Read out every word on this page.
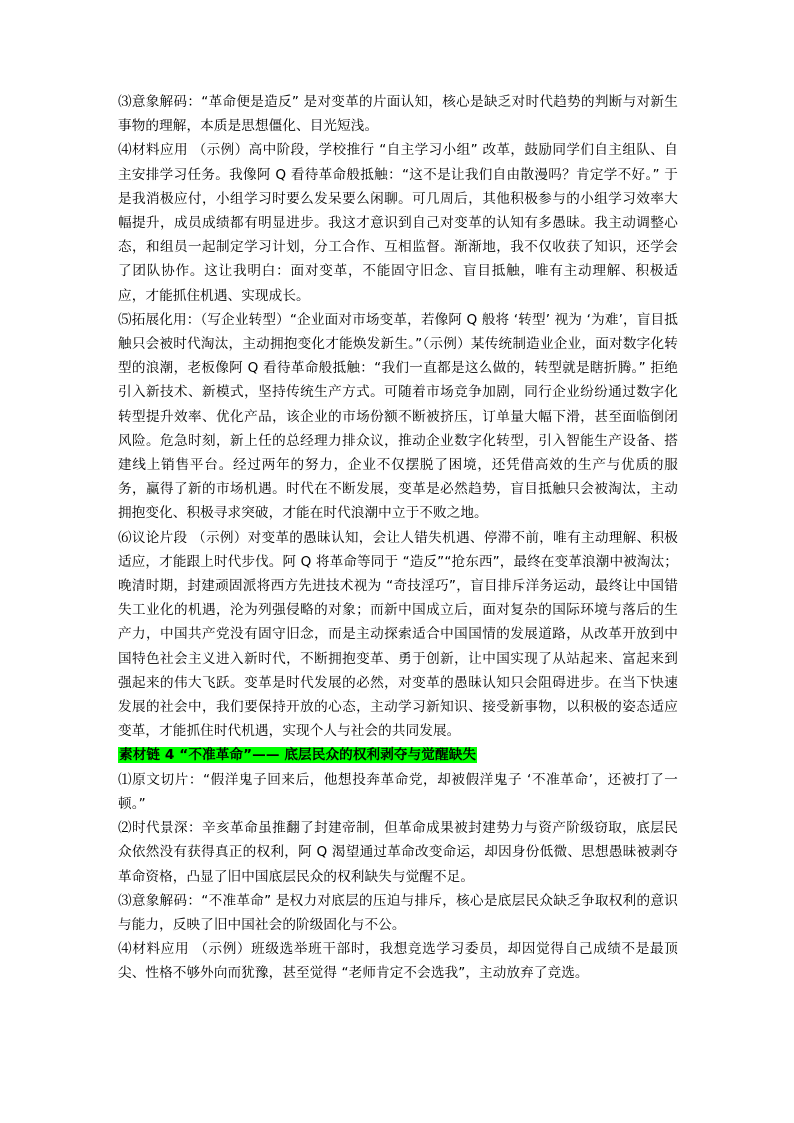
⑶意象解码：“革命便是造反” 是对变革的片面认知，核心是缺乏对时代趋势的判断与对新生事物的理解，本质是思想僵化、目光短浅。

⑷材料应用 （示例）高中阶段，学校推行 “自主学习小组” 改革，鼓励同学们自主组队、自主安排学习任务。我像阿 Q 看待革命般抵触：“这不是让我们自由散漫吗？肯定学不好。” 于是我消极应付，小组学习时要么发呆要么闲聊。可几周后，其他积极参与的小组学习效率大幅提升，成员成绩都有明显进步。我这才意识到自己对变革的认知有多愚昧。我主动调整心态，和组员一起制定学习计划，分工合作、互相监督。渐渐地，我不仅收获了知识，还学会了团队协作。这让我明白：面对变革，不能固守旧念、盲目抵触，唯有主动理解、积极适应，才能抓住机遇、实现成长。

⑸拓展化用：（写企业转型）“企业面对市场变革，若像阿 Q 般将 ‘转型’ 视为 ‘为难’，盲目抵触只会被时代淘汰，主动拥抱变化才能焕发新生。”（示例）某传统制造业企业，面对数字化转型的浪潮，老板像阿 Q 看待革命般抵触：“我们一直都是这么做的，转型就是瞎折腾。” 拒绝引入新技术、新模式，坚持传统生产方式。可随着市场竞争加剧，同行企业纷纷通过数字化转型提升效率、优化产品，该企业的市场份额不断被挤压，订单量大幅下滑，甚至面临倒闭风险。危急时刻，新上任的总经理力排众议，推动企业数字化转型，引入智能生产设备、搭建线上销售平台。经过两年的努力，企业不仅摆脱了困境，还凭借高效的生产与优质的服务，赢得了新的市场机遇。时代在不断发展，变革是必然趋势，盲目抵触只会被淘汰，主动拥抱变化、积极寻求突破，才能在时代浪潮中立于不败之地。

⑹议论片段 （示例）对变革的愚昧认知，会让人错失机遇、停滞不前，唯有主动理解、积极适应，才能跟上时代步伐。阿 Q 将革命等同于 “造反”“抢东西”，最终在变革浪潮中被淘汰；晚清时期，封建顽固派将西方先进技术视为 “奇技淫巧”，盲目排斥洋务运动，最终让中国错失工业化的机遇，沦为列强侵略的对象；而新中国成立后，面对复杂的国际环境与落后的生产力，中国共产党没有固守旧念，而是主动探索适合中国国情的发展道路，从改革开放到中国特色社会主义进入新时代，不断拥抱变革、勇于创新，让中国实现了从站起来、富起来到强起来的伟大飞跃。变革是时代发展的必然，对变革的愚昧认知只会阻碍进步。在当下快速发展的社会中，我们要保持开放的心态，主动学习新知识、接受新事物，以积极的姿态适应变革，才能抓住时代机遇，实现个人与社会的共同发展。

素材链 4 “不准革命”—— 底层民众的权利剥夺与觉醒缺失

⑴原文切片：“假洋鬼子回来后，他想投奔革命党，却被假洋鬼子 ‘不准革命’，还被打了一顿。”

⑵时代景深：辛亥革命虽推翻了封建帝制，但革命成果被封建势力与资产阶级窃取，底层民众依然没有获得真正的权利，阿 Q 渴望通过革命改变命运，却因身份低微、思想愚昧被剥夺革命资格，凸显了旧中国底层民众的权利缺失与觉醒不足。

⑶意象解码：“不准革命” 是权力对底层的压迫与排斥，核心是底层民众缺乏争取权利的意识与能力，反映了旧中国社会的阶级固化与不公。

⑷材料应用 （示例）班级选举班干部时，我想竞选学习委员，却因觉得自己成绩不是最顶尖、性格不够外向而犹豫，甚至觉得 “老师肯定不会选我”，主动放弃了竞选。
